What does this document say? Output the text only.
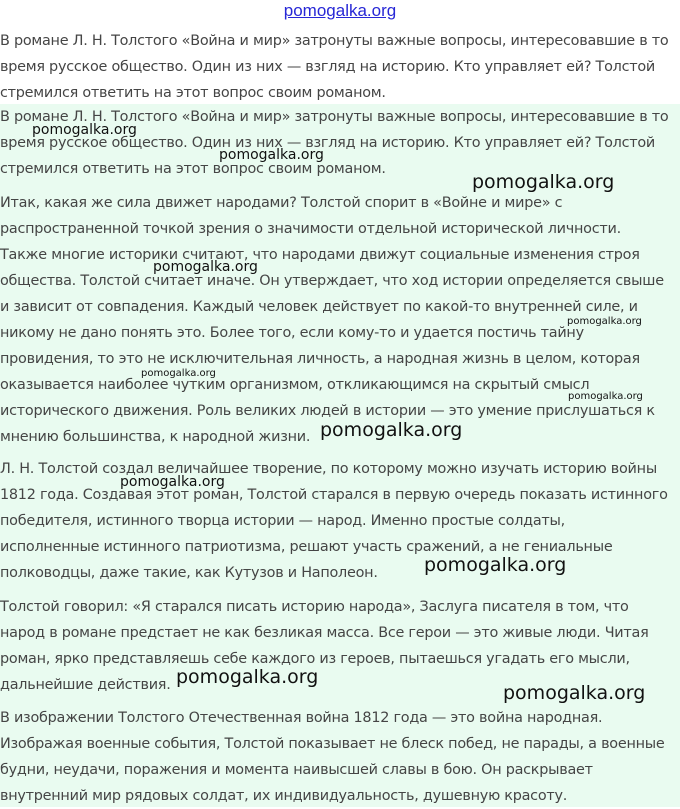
pomogalka.org

В романе Л. Н. Толстого «Война и мир» затронуты важные вопросы, интересовавшие в то
время русское общество. Один из них — взгляд на историю. Кто управляет ей? Толстой
стремился ответить на этот вопрос своим романом.

В романе Л. Н. Толстого «Война и мир» затронуты важные вопросы, интересовавшие в то
время русское общество. Один из них — взгляд на историю. Кто управляет ей? Толстой
стремился ответить на этот вопрос своим романом.

Итак, какая же сила движет народами? Толстой спорит в «Войне и мире» с
распространенной точкой зрения о значимости отдельной исторической личности.
Также многие историки считают, что народами движут социальные изменения строя
общества. Толстой считает иначе. Он утверждает, что ход истории определяется свыше
и зависит от совпадения. Каждый человек действует по какой-то внутренней силе, и
никому не дано понять это. Более того, если кому-то и удается постичь тайну
провидения, то это не исключительная личность, а народная жизнь в целом, которая
оказывается наиболее чутким организмом, откликающимся на скрытый смысл
исторического движения. Роль великих людей в истории — это умение прислушаться к
мнению большинства, к народной жизни.

Л. Н. Толстой создал величайшее творение, по которому можно изучать историю войны
1812 года. Создавая этот роман, Толстой старался в первую очередь показать истинного
победителя, истинного творца истории — народ. Именно простые солдаты,
исполненные истинного патриотизма, решают участь сражений, а не гениальные
полководцы, даже такие, как Кутузов и Наполеон.

Толстой говорил: «Я старался писать историю народа», Заслуга писателя в том, что
народ в романе предстает не как безликая масса. Все герои — это живые люди. Читая
роман, ярко представляешь себе каждого из героев, пытаешься угадать его мысли,
дальнейшие действия.

В изображении Толстого Отечественная война 1812 года — это война народная.
Изображая военные события, Толстой показывает не блеск побед, не парады, а военные
будни, неудачи, поражения и момента наивысшей славы в бою. Он раскрывает
внутренний мир рядовых солдат, их индивидуальность, душевную красоту.

pomogalka.org
pomogalka.org
pomogalka.org
pomogalka.org
pomogalka.org
pomogalka.org
pomogalka.org
pomogalka.org
pomogalka.org
pomogalka.org
pomogalka.org
pomogalka.org
